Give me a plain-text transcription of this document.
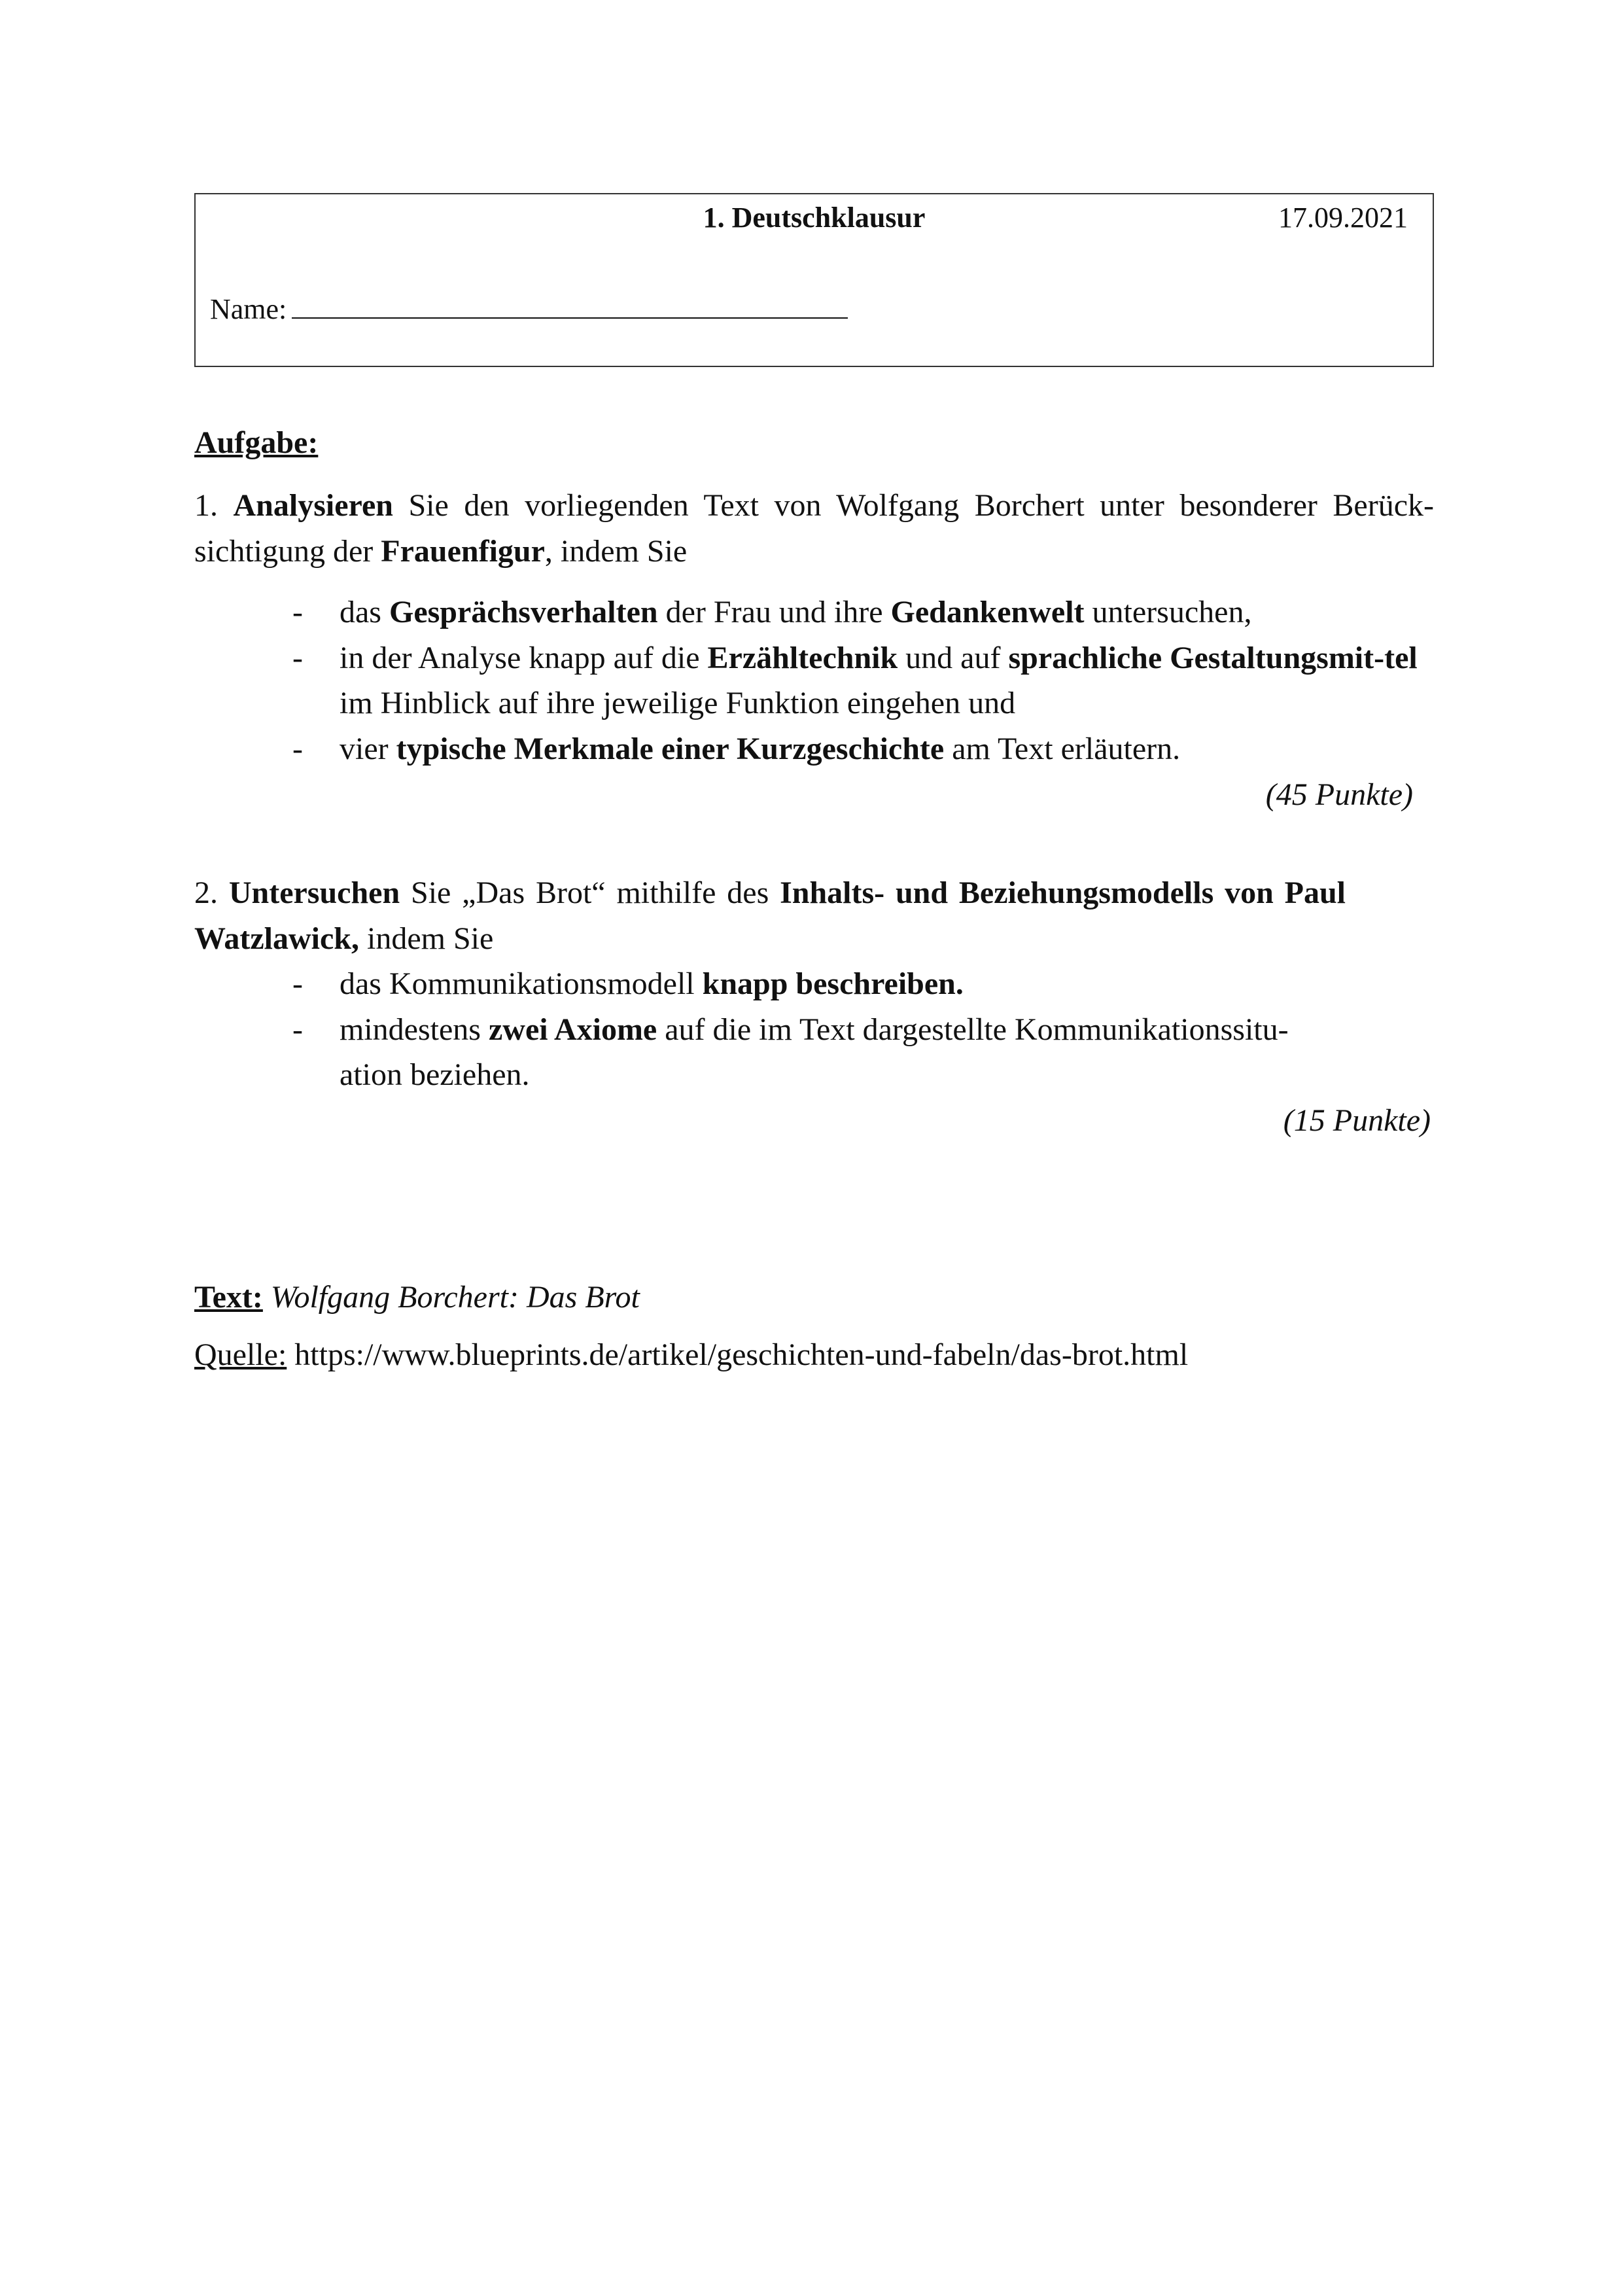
1. Deutschklausur	17.09.2021
Name:
Aufgabe:

1. Analysieren Sie den vorliegenden Text von Wolfgang Borchert unter besonderer Berück-sichtigung der Frauenfigur, indem Sie

- das Gesprächsverhalten der Frau und ihre Gedankenwelt untersuchen,
- in der Analyse knapp auf die Erzähltechnik und auf sprachliche Gestaltungsmit-tel im Hinblick auf ihre jeweilige Funktion eingehen und
- vier typische Merkmale einer Kurzgeschichte am Text erläutern.
(45 Punkte)

2. Untersuchen Sie „Das Brot“ mithilfe des Inhalts- und Beziehungsmodells von Paul Watzlawick, indem Sie

- das Kommunikationsmodell knapp beschreiben.
- mindestens zwei Axiome auf die im Text dargestellte Kommunikationssitu-ation beziehen.
(15 Punkte)

Text: Wolfgang Borchert: Das Brot

Quelle: https://www.blueprints.de/artikel/geschichten-und-fabeln/das-brot.html
